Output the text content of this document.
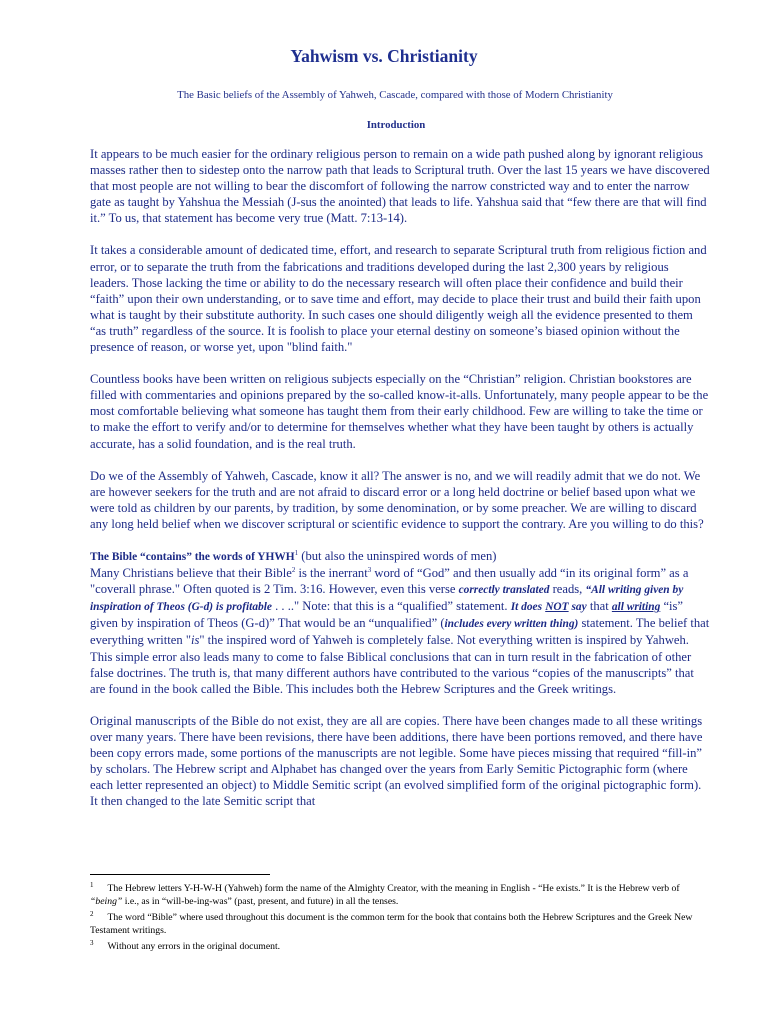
Yahwism vs. Christianity
The Basic beliefs of the Assembly of Yahweh, Cascade, compared with those of Modern Christianity
Introduction

It appears to be much easier for the ordinary religious person to remain on a wide path pushed along by ignorant religious masses rather then to sidestep onto the narrow path that leads to Scriptural truth. Over the last 15 years we have discovered that most people are not willing to bear the discomfort of following the narrow constricted way and to enter the narrow gate as taught by Yahshua the Messiah (J-sus the anointed) that leads to life. Yahshua said that “few there are that will find it.” To us, that statement has become very true (Matt. 7:13-14).

It takes a considerable amount of dedicated time, effort, and research to separate Scriptural truth from religious fiction and error, or to separate the truth from the fabrications and traditions developed during the last 2,300 years by religious leaders. Those lacking the time or ability to do the necessary research will often place their confidence and build their “faith” upon their own understanding, or to save time and effort, may decide to place their trust and build their faith upon what is taught by their substitute authority. In such cases one should diligently weigh all the evidence presented to them “as truth” regardless of the source. It is foolish to place your eternal destiny on someone’s biased opinion without the presence of reason, or worse yet, upon "blind faith."

Countless books have been written on religious subjects especially on the “Christian” religion. Christian bookstores are filled with commentaries and opinions prepared by the so-called know-it-alls. Unfortunately, many people appear to be the most comfortable believing what someone has taught them from their early childhood. Few are willing to take the time or to make the effort to verify and/or to determine for themselves whether what they have been taught by others is actually accurate, has a solid foundation, and is the real truth.

Do we of the Assembly of Yahweh, Cascade, know it all? The answer is no, and we will readily admit that we do not. We are however seekers for the truth and are not afraid to discard error or a long held doctrine or belief based upon what we were told as children by our parents, by tradition, by some denomination, or by some preacher. We are willing to discard any long held belief when we discover scriptural or scientific evidence to support the contrary. Are you willing to do this?

The Bible “contains” the words of YHWH$^1$ (but also the uninspired words of men)
Many Christians believe that their Bible$^2$ is the inerrant$^3$ word of “God” and then usually add “in its original form” as a "coverall phrase." Often quoted is 2 Tim. 3:16. However, even this verse correctly translated reads, “All writing given by inspiration of Theos (G-d) is profitable . . .." Note: that this is a “qualified” statement. It does NOT say that all writing “is” given by inspiration of Theos (G-d)” That would be an “unqualified” (includes every written thing) statement. The belief that everything written "is" the inspired word of Yahweh is completely false. Not everything written is inspired by Yahweh. This simple error also leads many to come to false Biblical conclusions that can in turn result in the fabrication of other false doctrines. The truth is, that many different authors have contributed to the various “copies of the manuscripts” that are found in the book called the Bible. This includes both the Hebrew Scriptures and the Greek writings.

Original manuscripts of the Bible do not exist, they are all are copies. There have been changes made to all these writings over many years. There have been revisions, there have been additions, there have been portions removed, and there have been copy errors made, some portions of the manuscripts are not legible. Some have pieces missing that required “fill-in” by scholars. The Hebrew script and Alphabet has changed over the years from Early Semitic Pictographic form (where each letter represented an object) to Middle Semitic script (an evolved simplified form of the original pictographic form). It then changed to the late Semitic script that

$^1$ The Hebrew letters Y-H-W-H (Yahweh) form the name of the Almighty Creator, with the meaning in English - “He exists.” It is the Hebrew verb of “being” i.e., as in “will-be-ing-was” (past, present, and future) in all the tenses.

$^2$ The word “Bible” where used throughout this document is the common term for the book that contains both the Hebrew Scriptures and the Greek New Testament writings.

$^3$ Without any errors in the original document.
